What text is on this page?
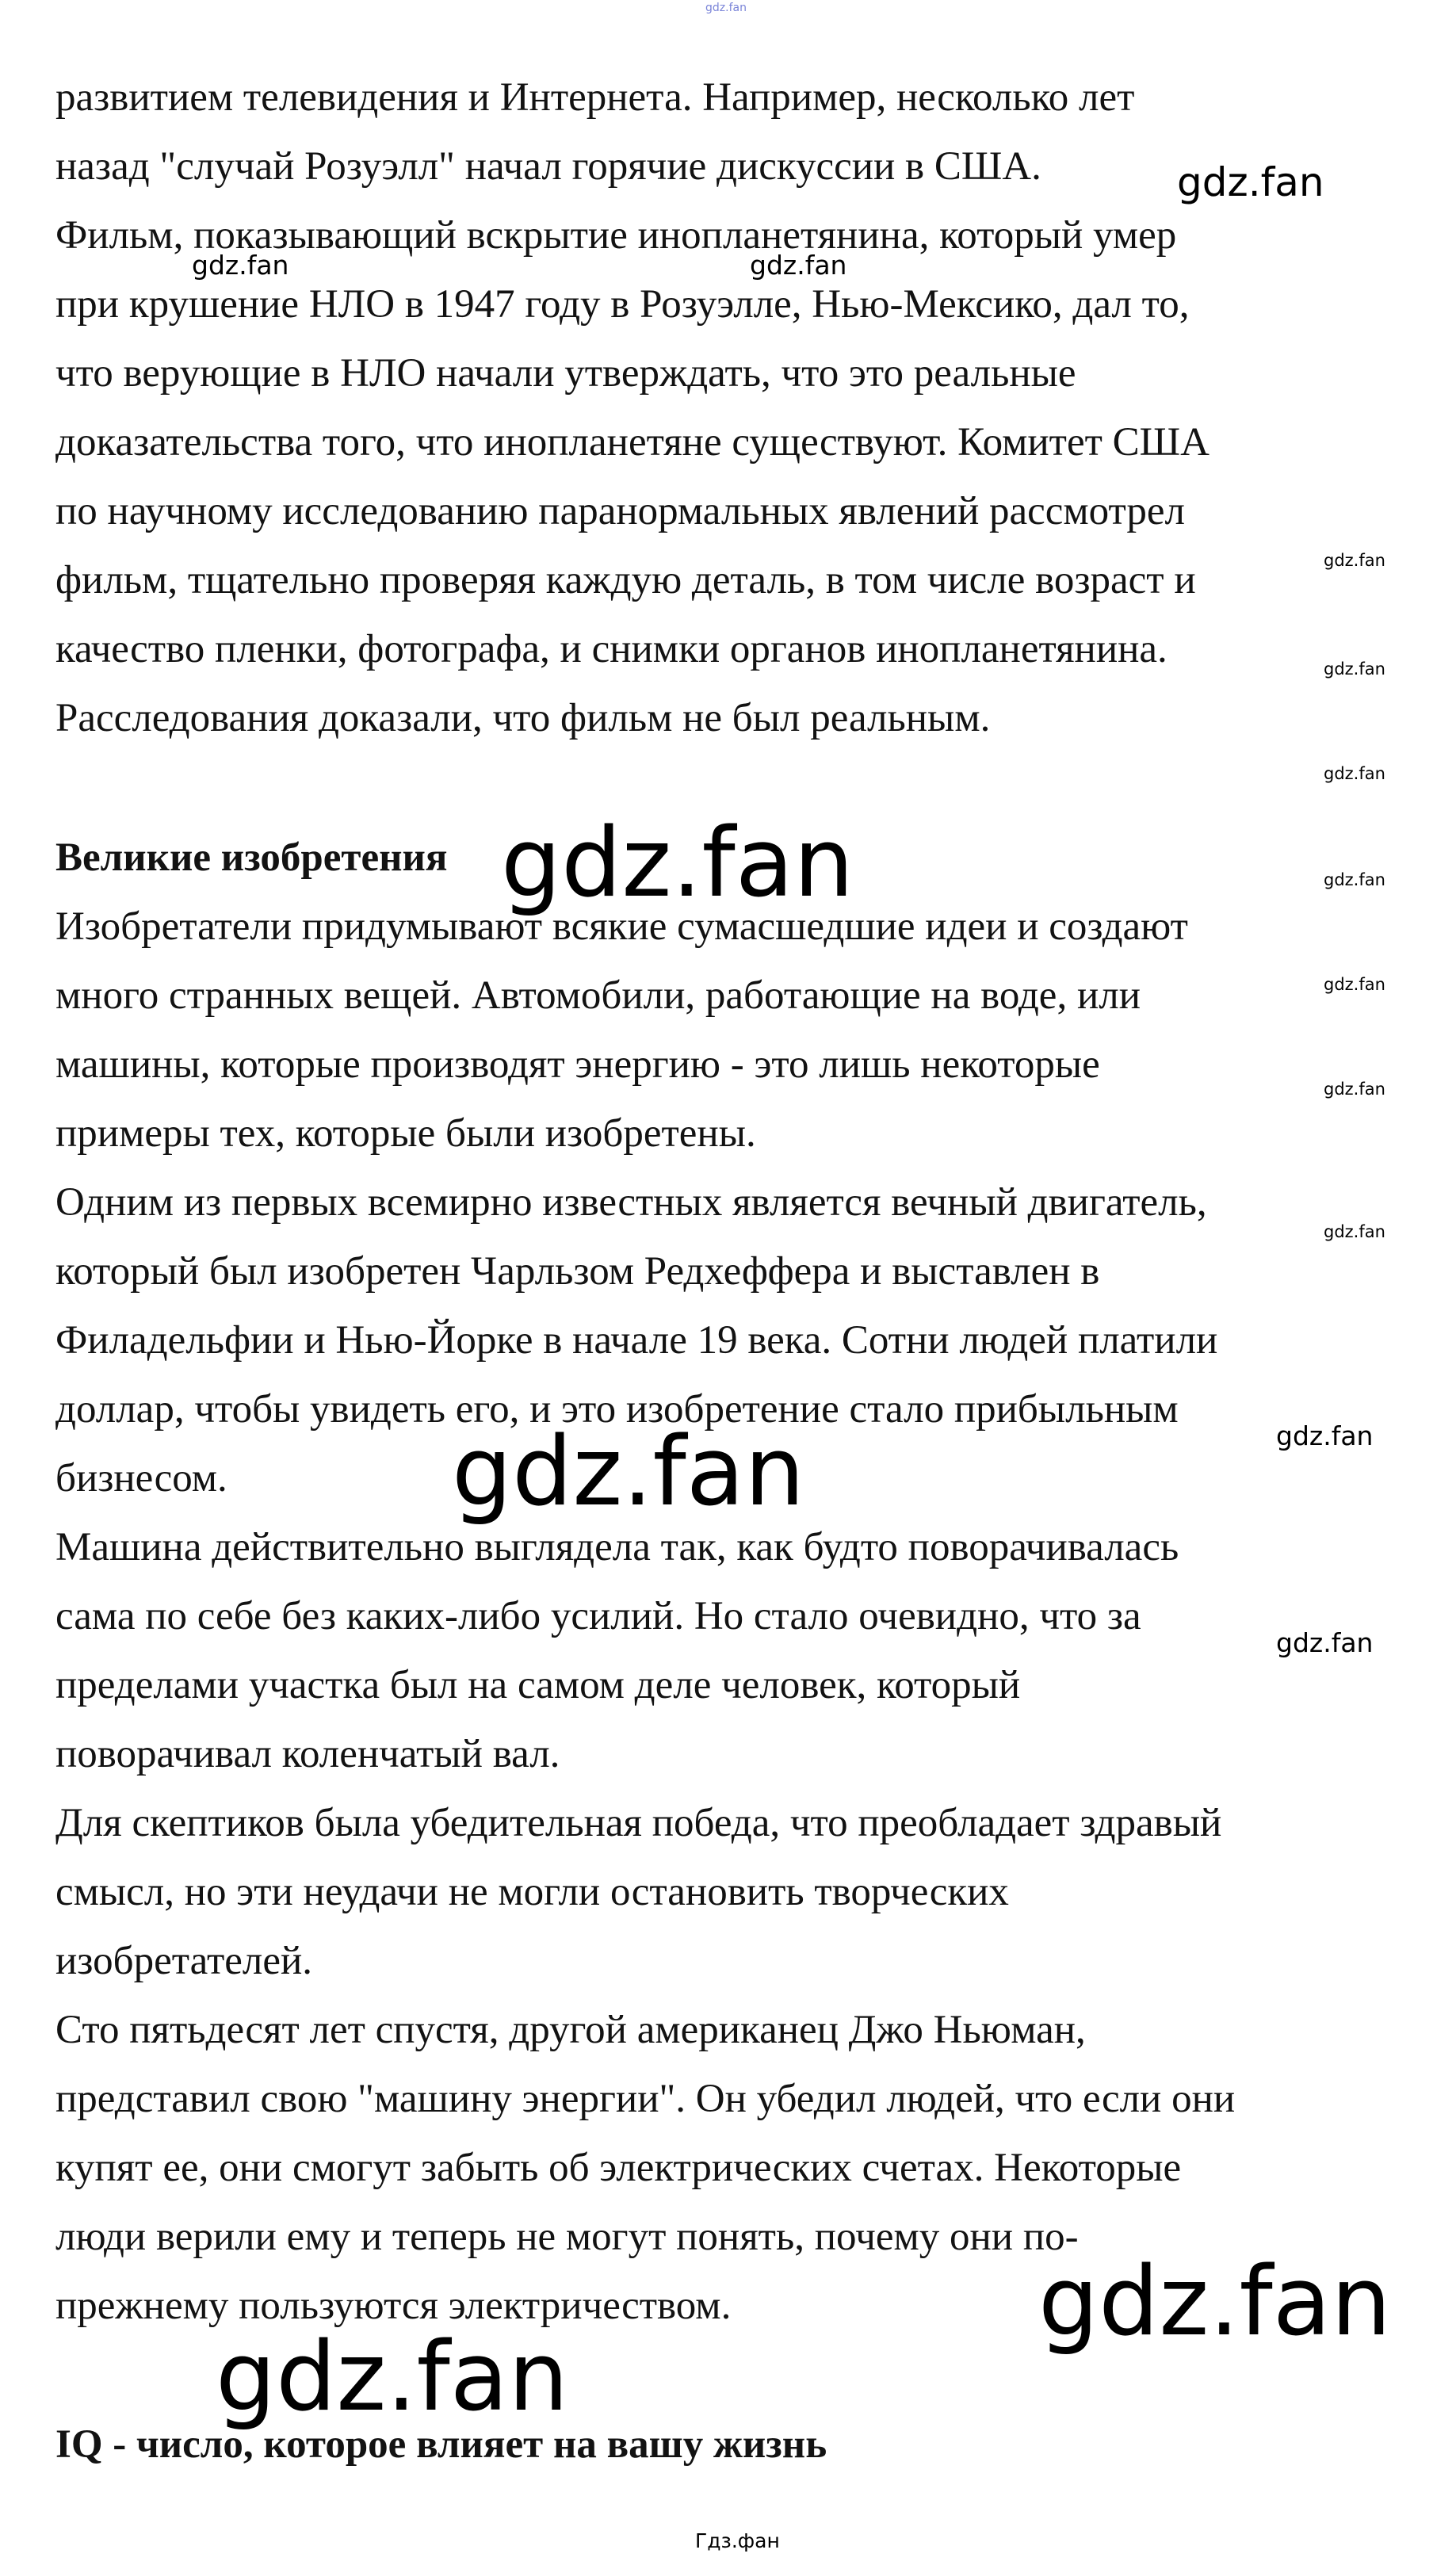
gdz.fan
развитием телевидения и Интернета. Например, несколько лет
назад "случай Розуэлл" начал горячие дискуссии в США.
Фильм, показывающий вскрытие инопланетянина, который умер
при крушение НЛО в 1947 году в Розуэлле, Нью-Мексико, дал то,
что верующие в НЛО начали утверждать, что это реальные
доказательства того, что инопланетяне существуют. Комитет США
по научному исследованию паранормальных явлений рассмотрел
фильм, тщательно проверяя каждую деталь, в том числе возраст и
качество пленки, фотографа, и снимки органов инопланетянина.
Расследования доказали, что фильм не был реальным.
Великие изобретения
Изобретатели придумывают всякие сумасшедшие идеи и создают
много странных вещей. Автомобили, работающие на воде, или
машины, которые производят энергию - это лишь некоторые
примеры тех, которые были изобретены.
Одним из первых всемирно известных является вечный двигатель,
который был изобретен Чарльзом Редхеффера и выставлен в
Филадельфии и Нью-Йорке в начале 19 века. Сотни людей платили
доллар, чтобы увидеть его, и это изобретение стало прибыльным
бизнесом.
Машина действительно выглядела так, как будто поворачивалась
сама по себе без каких-либо усилий. Но стало очевидно, что за
пределами участка был на самом деле человек, который
поворачивал коленчатый вал.
Для скептиков была убедительная победа, что преобладает здравый
смысл, но эти неудачи не могли остановить творческих
изобретателей.
Сто пятьдесят лет спустя, другой американец Джо Ньюман,
представил свою "машину энергии". Он убедил людей, что если они
купят ее, они смогут забыть об электрических счетах. Некоторые
люди верили ему и теперь не могут понять, почему они по-
прежнему пользуются электричеством.
IQ - число, которое влияет на вашу жизнь
gdz.fan
gdz.fan	gdz.fan
gdz.fan
gdz.fan
gdz.fan
gdz.fan	gdz.fan
gdz.fan
gdz.fan
gdz.fan
gdz.fan
gdz.fan
gdz.fan
gdz.fan
gdz.fan
Гдз.фан
